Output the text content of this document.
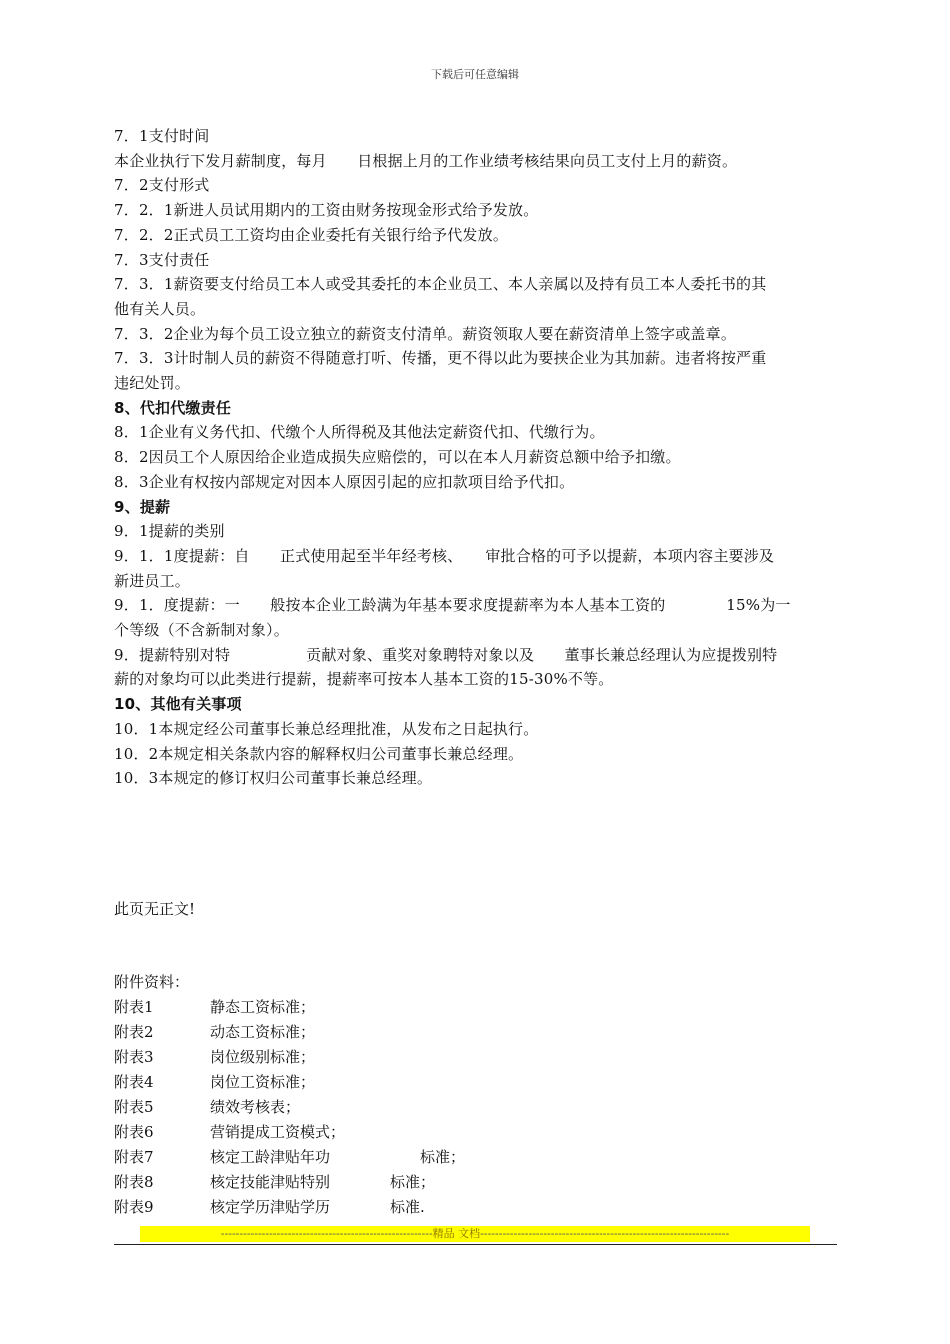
下载后可任意编辑
7．1支付时间
本企业执行下发月薪制度，每月　　日根据上月的工作业绩考核结果向员工支付上月的薪资。
7．2支付形式
7．2．1新进人员试用期内的工资由财务按现金形式给予发放。
7．2．2正式员工工资均由企业委托有关银行给予代发放。
7．3支付责任
7．3．1薪资要支付给员工本人或受其委托的本企业员工、本人亲属以及持有员工本人委托书的其
他有关人员。
7．3．2企业为每个员工设立独立的薪资支付清单。薪资领取人要在薪资清单上签字或盖章。
7．3．3计时制人员的薪资不得随意打听、传播，更不得以此为要挟企业为其加薪。违者将按严重
违纪处罚。
8、代扣代缴责任
8．1企业有义务代扣、代缴个人所得税及其他法定薪资代扣、代缴行为。
8．2因员工个人原因给企业造成损失应赔偿的，可以在本人月薪资总额中给予扣缴。
8．3企业有权按内部规定对因本人原因引起的应扣款项目给予代扣。
9、提薪
9．1提薪的类别
9．1．1度提薪：自　　正式使用起至半年经考核、　　审批合格的可予以提薪，本项内容主要涉及
新进员工。
9．1．度提薪：一　　般按本企业工龄满为年基本要求度提薪率为本人基本工资的　　　　15%为一
个等级（不含新制对象）。
9．提薪特别对特　　　　　贡献对象、重奖对象聘特对象以及　　董事长兼总经理认为应提拨别特
薪的对象均可以此类进行提薪，提薪率可按本人基本工资的15-30%不等。
10、其他有关事项
10．1本规定经公司董事长兼总经理批准，从发布之日起执行。
10．2本规定相关条款内容的解释权归公司董事长兼总经理。
10．3本规定的修订权归公司董事长兼总经理。
此页无正文!
附件资料：
附表1	静态工资标准；
附表2	动态工资标准；
附表3	岗位级别标准；
附表4	岗位工资标准；
附表5	绩效考核表；
附表6	营销提成工资模式；
附表7	核定工龄津贴年功　　　　　　标准；
附表8	核定技能津贴特别　　　　标准；
附表9	核定学历津贴学历　　　　标准.
---------------------------------------------------------精品 文档-------------------------------------------------------------------
